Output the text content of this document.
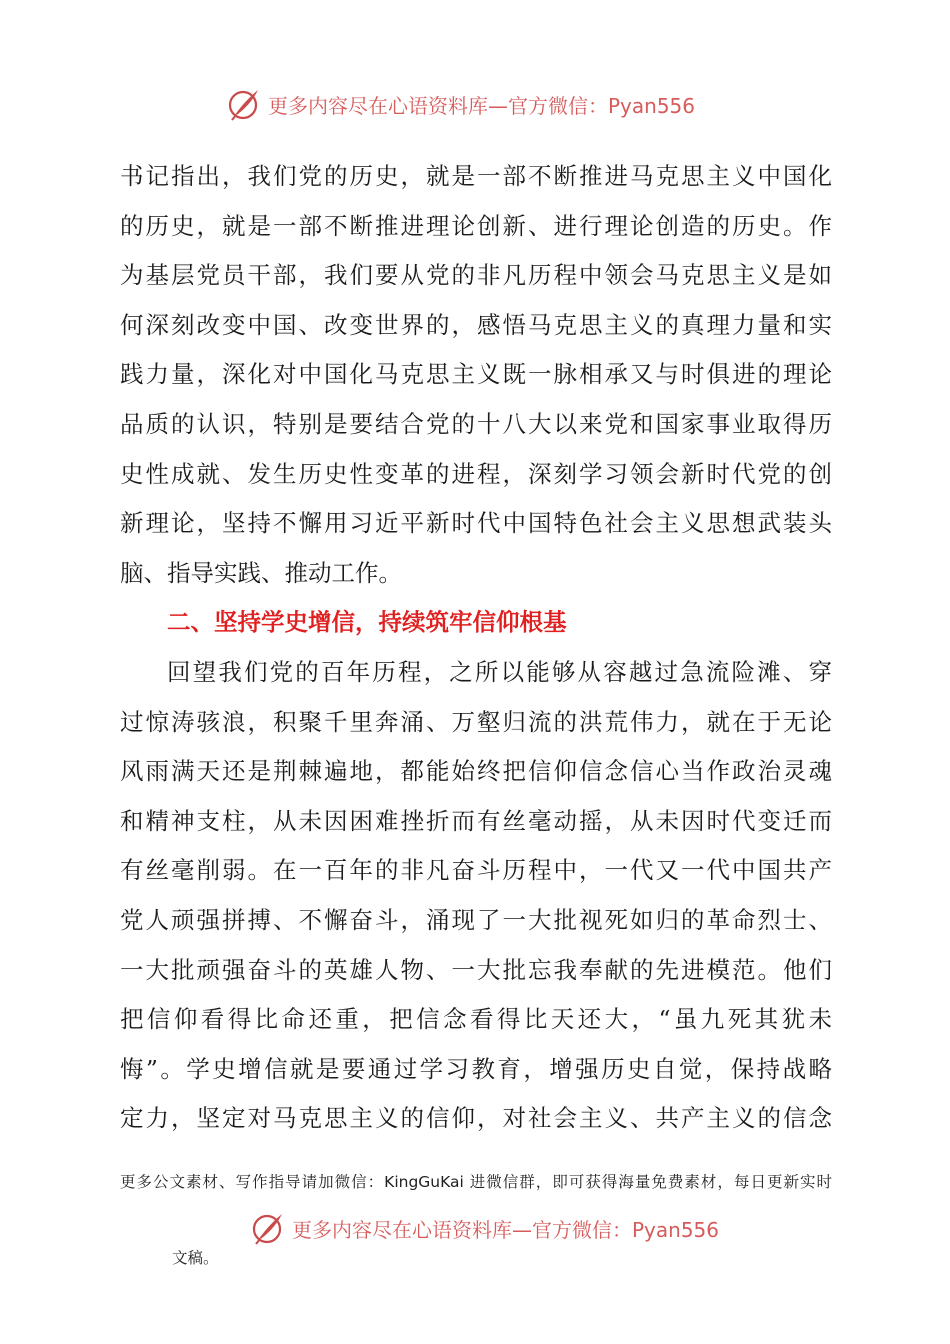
更多内容尽在心语资料库—官方微信：Pyan556
书记指出，我们党的历史，就是一部不断推进马克思主义中国化
的历史，就是一部不断推进理论创新、进行理论创造的历史。作
为基层党员干部，我们要从党的非凡历程中领会马克思主义是如
何深刻改变中国、改变世界的，感悟马克思主义的真理力量和实
践力量，深化对中国化马克思主义既一脉相承又与时俱进的理论
品质的认识，特别是要结合党的十八大以来党和国家事业取得历
史性成就、发生历史性变革的进程，深刻学习领会新时代党的创
新理论，坚持不懈用习近平新时代中国特色社会主义思想武装头
脑、指导实践、推动工作。
二、坚持学史增信，持续筑牢信仰根基
回望我们党的百年历程，之所以能够从容越过急流险滩、穿
过惊涛骇浪，积聚千里奔涌、万壑归流的洪荒伟力，就在于无论
风雨满天还是荆棘遍地，都能始终把信仰信念信心当作政治灵魂
和精神支柱，从未因困难挫折而有丝毫动摇，从未因时代变迁而
有丝毫削弱。在一百年的非凡奋斗历程中，一代又一代中国共产
党人顽强拼搏、不懈奋斗，涌现了一大批视死如归的革命烈士、
一大批顽强奋斗的英雄人物、一大批忘我奉献的先进模范。他们
把信仰看得比命还重，把信念看得比天还大，“虽九死其犹未
悔”。学史增信就是要通过学习教育，增强历史自觉，保持战略
定力，坚定对马克思主义的信仰，对社会主义、共产主义的信念
更多公文素材、写作指导请加微信：KingGuKai 进微信群，即可获得海量免费素材，每日更新实时
更多内容尽在心语资料库—官方微信：Pyan556
文稿。
